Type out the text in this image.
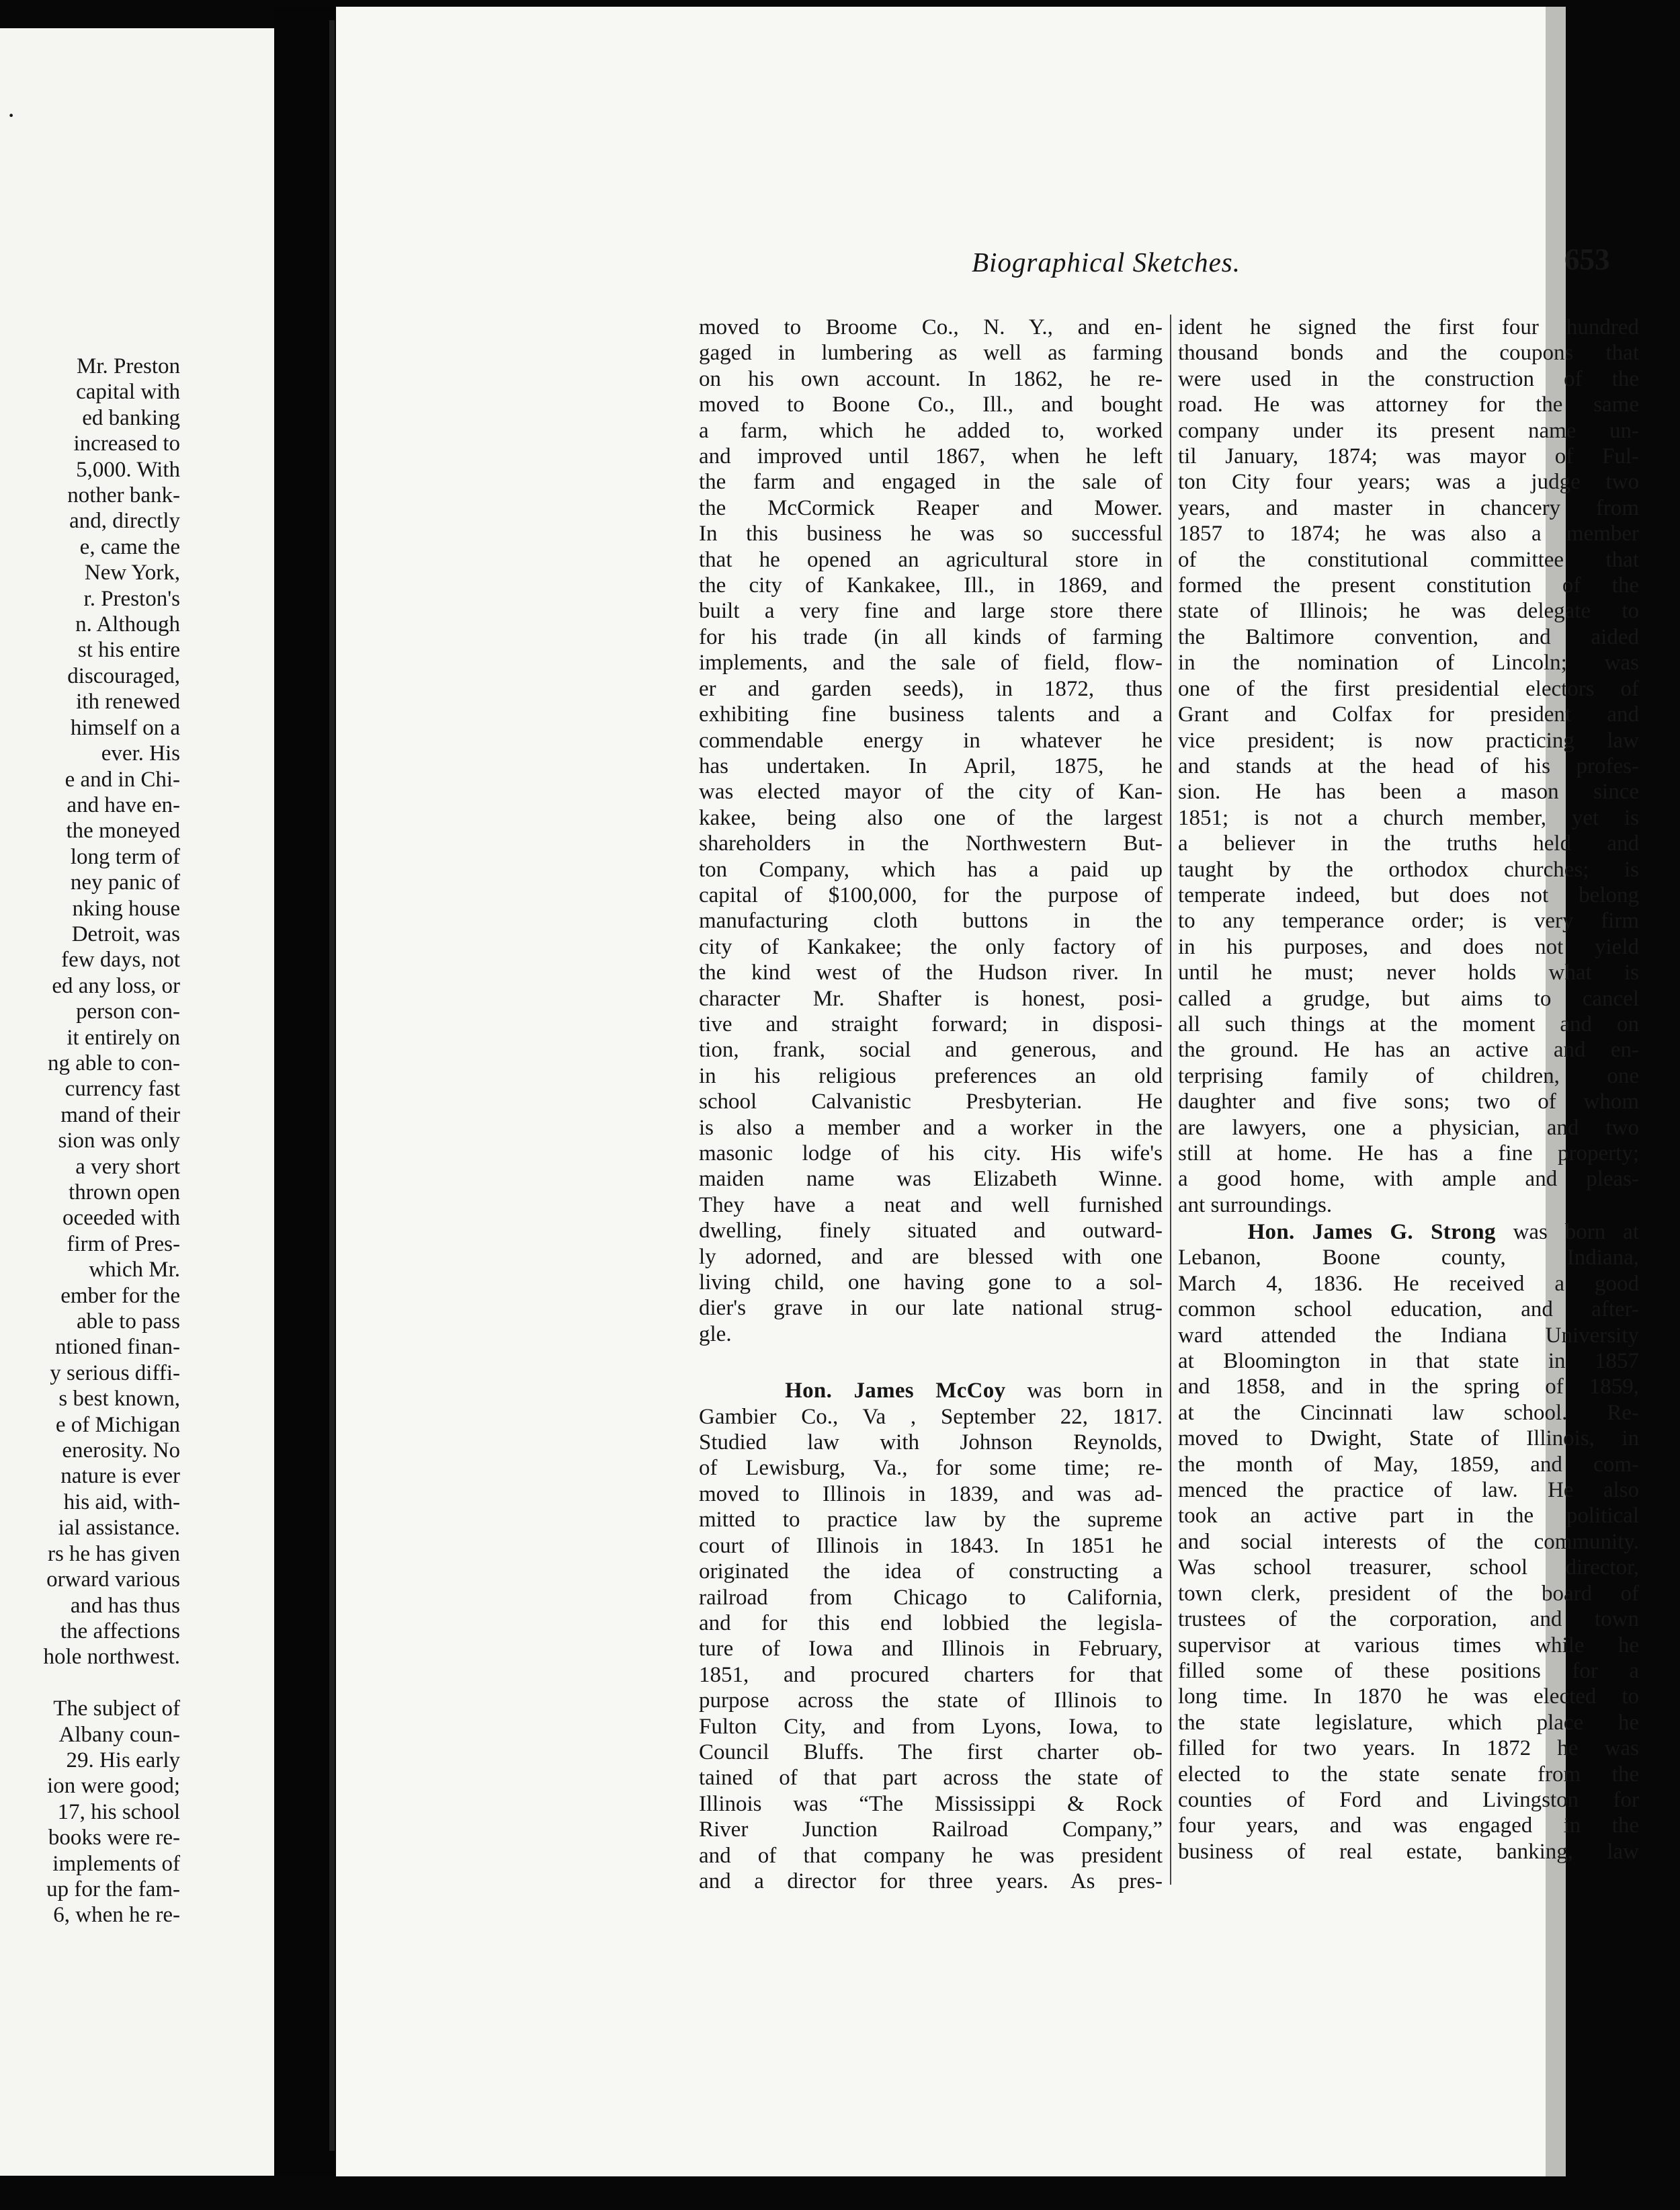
·
Mr. Preston
capital with
ed banking
increased to
5,000. With
nother bank-
and, directly
e, came the
New York,
r. Preston's
n. Although
st his entire
discouraged,
ith renewed
himself on a
ever. His
e and in Chi-
and have en-
the moneyed
long term of
ney panic of
nking house
Detroit, was
few days, not
ed any loss, or
person con-
it entirely on
ng able to con-
currency fast
mand of their
sion was only
a very short
thrown open
oceeded with
firm of Pres-
which Mr.
ember for the
able to pass
ntioned finan-
y serious diffi-
s best known,
e of Michigan
enerosity. No
nature is ever
his aid, with-
ial assistance.
rs he has given
orward various
and has thus
the affections
hole northwest.

The subject of
Albany coun-
29. His early
ion were good;
17, his school
books were re-
implements of
up for the fam-
6, when he re-
Biographical Sketches.	653
moved to Broome Co., N. Y., and en-
gaged in lumbering as well as farming
on his own account. In 1862, he re-
moved to Boone Co., Ill., and bought
a farm, which he added to, worked
and improved until 1867, when he left
the farm and engaged in the sale of
the McCormick Reaper and Mower.
In this business he was so successful
that he opened an agricultural store in
the city of Kankakee, Ill., in 1869, and
built a very fine and large store there
for his trade (in all kinds of farming
implements, and the sale of field, flow-
er and garden seeds), in 1872, thus
exhibiting fine business talents and a
commendable energy in whatever he
has undertaken. In April, 1875, he
was elected mayor of the city of Kan-
kakee, being also one of the largest
shareholders in the Northwestern But-
ton Company, which has a paid up
capital of $100,000, for the purpose of
manufacturing cloth buttons in the
city of Kankakee; the only factory of
the kind west of the Hudson river. In
character Mr. Shafter is honest, posi-
tive and straight forward; in disposi-
tion, frank, social and generous, and
in his religious preferences an old
school Calvanistic Presbyterian. He
is also a member and a worker in the
masonic lodge of his city. His wife's
maiden name was Elizabeth Winne.
They have a neat and well furnished
dwelling, finely situated and outward-
ly adorned, and are blessed with one
living child, one having gone to a sol-
dier's grave in our late national strug-
gle.
Hon. James McCoy was born in
Gambier Co., Va , September 22, 1817.
Studied law with Johnson Reynolds,
of Lewisburg, Va., for some time; re-
moved to Illinois in 1839, and was ad-
mitted to practice law by the supreme
court of Illinois in 1843. In 1851 he
originated the idea of constructing a
railroad from Chicago to California,
and for this end lobbied the legisla-
ture of Iowa and Illinois in February,
1851, and procured charters for that
purpose across the state of Illinois to
Fulton City, and from Lyons, Iowa, to
Council Bluffs. The first charter ob-
tained of that part across the state of
Illinois was “The Mississippi & Rock
River Junction Railroad Company,”
and of that company he was president
and a director for three years. As pres-
ident he signed the first four hundred
thousand bonds and the coupons that
were used in the construction of the
road. He was attorney for the same
company under its present name un-
til January, 1874; was mayor of Ful-
ton City four years; was a judge two
years, and master in chancery from
1857 to 1874; he was also a member
of the constitutional committee that
formed the present constitution of the
state of Illinois; he was delegate to
the Baltimore convention, and aided
in the nomination of Lincoln; was
one of the first presidential electors of
Grant and Colfax for president and
vice president; is now practicing law
and stands at the head of his profes-
sion. He has been a mason since
1851; is not a church member, yet is
a believer in the truths held and
taught by the orthodox churches; is
temperate indeed, but does not belong
to any temperance order; is very firm
in his purposes, and does not yield
until he must; never holds what is
called a grudge, but aims to cancel
all such things at the moment and on
the ground. He has an active and en-
terprising family of children, one
daughter and five sons; two of whom
are lawyers, one a physician, and two
still at home. He has a fine property;
a good home, with ample and pleas-
ant surroundings.
Hon. James G. Strong was born at
Lebanon, Boone county, Indiana,
March 4, 1836. He received a good
common school education, and after-
ward attended the Indiana University
at Bloomington in that state in 1857
and 1858, and in the spring of 1859,
at the Cincinnati law school. Re-
moved to Dwight, State of Illinois, in
the month of May, 1859, and com-
menced the practice of law. He also
took an active part in the political
and social interests of the community.
Was school treasurer, school director,
town clerk, president of the board of
trustees of the corporation, and town
supervisor at various times while he
filled some of these positions for a
long time. In 1870 he was elected to
the state legislature, which place he
filled for two years. In 1872 he was
elected to the state senate from the
counties of Ford and Livingston for
four years, and was engaged in the
business of real estate, banking, law
